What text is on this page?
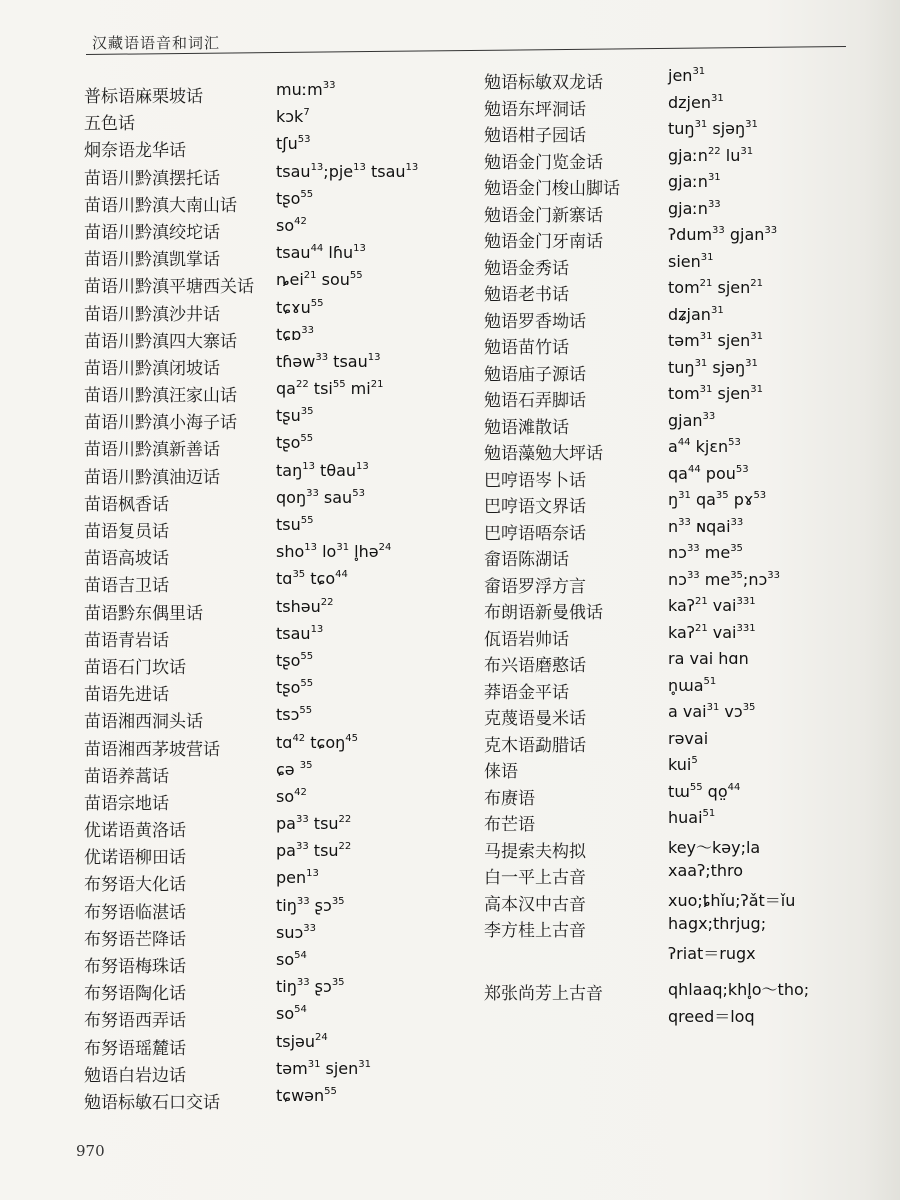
汉藏语语音和词汇
普标语麻栗坡话	muːm$^{33}$
五色话	kɔk$^7$
炯奈语龙华话	tʃu$^{53}$
苗语川黔滇摆托话	tsau$^{13}$;pje$^{13}$ tsau$^{13}$
苗语川黔滇大南山话 tʂo$^{55}$
苗语川黔滇绞坨话	$so^{42}$
苗语川黔滇凯掌话	tsau$^{44}$ lɦu$^{13}$
苗语川黔滇平塘西关话 ȵei$^{21}$ sou$^{55}$
苗语川黔滇沙井话	tɕɤu$^{55}$
苗语川黔滇四大寨话 tɕɒ$^{33}$
苗语川黔滇闭坡话	tɦəw$^{33}$ tsau$^{13}$
苗语川黔滇汪家山话 $qa^{22}$ tsi$^{55}$ $mi^{21}$
苗语川黔滇小海子话 tʂu$^{35}$
苗语川黔滇新善话	tʂo$^{55}$
苗语川黔滇油迈话	taŋ$^{13}$ tθau$^{13}$
苗语枫香话	qoŋ$^{33}$ sau$^{53}$
苗语复员话	tsu$^{55}$
苗语高坡话	sho$^{13}$ $lo^{31}$ l̥hə$^{24}$
苗语吉卫话	tɑ$^{35}$ tɕo$^{44}$
苗语黔东偶里话	tshəu$^{22}$
苗语青岩话	tsau$^{13}$
苗语石门坎话	tʂo$^{55}$
苗语先进话	tʂo$^{55}$
苗语湘西洞头话	tsɔ$^{55}$
苗语湘西茅坡营话	tɑ$^{42}$ tɕoŋ$^{45}$
苗语养蒿话	ɕə $^{35}$
苗语宗地话	$so^{42}$
优诺语黄洛话	$pa^{33}$ tsu$^{22}$
优诺语柳田话	$pa^{33}$ tsu$^{22}$
布努语大化话	pen$^{13}$
布努语临湛话	tiŋ$^{33}$ ʂɔ$^{35}$
布努语芒降话	suɔ$^{33}$
布努语梅珠话	$so^{54}$
布努语陶化话	tiŋ$^{33}$ ʂɔ$^{35}$
布努语西弄话	$so^{54}$
布努语瑶麓话	tsjəu$^{24}$
勉语白岩边话	təm$^{31}$ sjen$^{31}$
勉语标敏石口交话	tɕwən$^{55}$
勉语标敏双龙话	jen$^{31}$
勉语东坪洞话	dzjen$^{31}$
勉语柑子园话	tuŋ$^{31}$ sjəŋ$^{31}$
勉语金门览金话	gjaːn$^{22}$ $lu^{31}$
勉语金门梭山脚话	gjaːn$^{31}$
勉语金门新寨话	gjaːn$^{33}$
勉语金门牙南话	ʔdum$^{33}$ gjan$^{33}$
勉语金秀话	sien$^{31}$
勉语老书话	tom$^{21}$ sjen$^{21}$
勉语罗香坳话	dʑjan$^{31}$
勉语苗竹话	təm$^{31}$ sjen$^{31}$
勉语庙子源话	tuŋ$^{31}$ sjəŋ$^{31}$
勉语石弄脚话	tom$^{31}$ sjen$^{31}$
勉语滩散话	gjan$^{33}$
勉语藻勉大坪话	$a^{44}$ kjɛn$^{53}$
巴哼语岑卜话	$qa^{44}$ pou$^{53}$
巴哼语文界话	$ŋ^{31}$ $qa^{35}$ pɤ$^{53}$
巴哼语唔奈话	$n^{33}$ ɴqai$^{33}$
畲语陈湖话	nɔ$^{33}$ $me^{35}$
畲语罗浮方言	nɔ$^{33}$ $me^{35};nɔ^{33}$
布朗语新曼俄话	kaʔ$^{21}$ vai$^{331}$
佤语岩帅话	kaʔ$^{21}$ vai$^{331}$
布兴语磨憨话	ra vai hɑn
莽语金平话	n̥ɯa$^{51}$
克蔑语曼米话	a vai$^{31}$ vɔ$^{35}$
克木语勐腊话	rəvai
俫语	kui$^5$
布赓语	tɯ$^{55}$ qo̤$^{44}$
布芒语	huai$^{51}$
马提索夫构拟	key～kəy;la
白一平上古音	xaaʔ;thro
高本汉中古音	xuo;ȶhǐu;ʔǎt＝ǐu
李方桂上古音	hagx;thrjug;
ʔriat＝rugx
郑张尚芳上古音	qhlaaq;khl̥o～tho;
qreed＝loq
970
